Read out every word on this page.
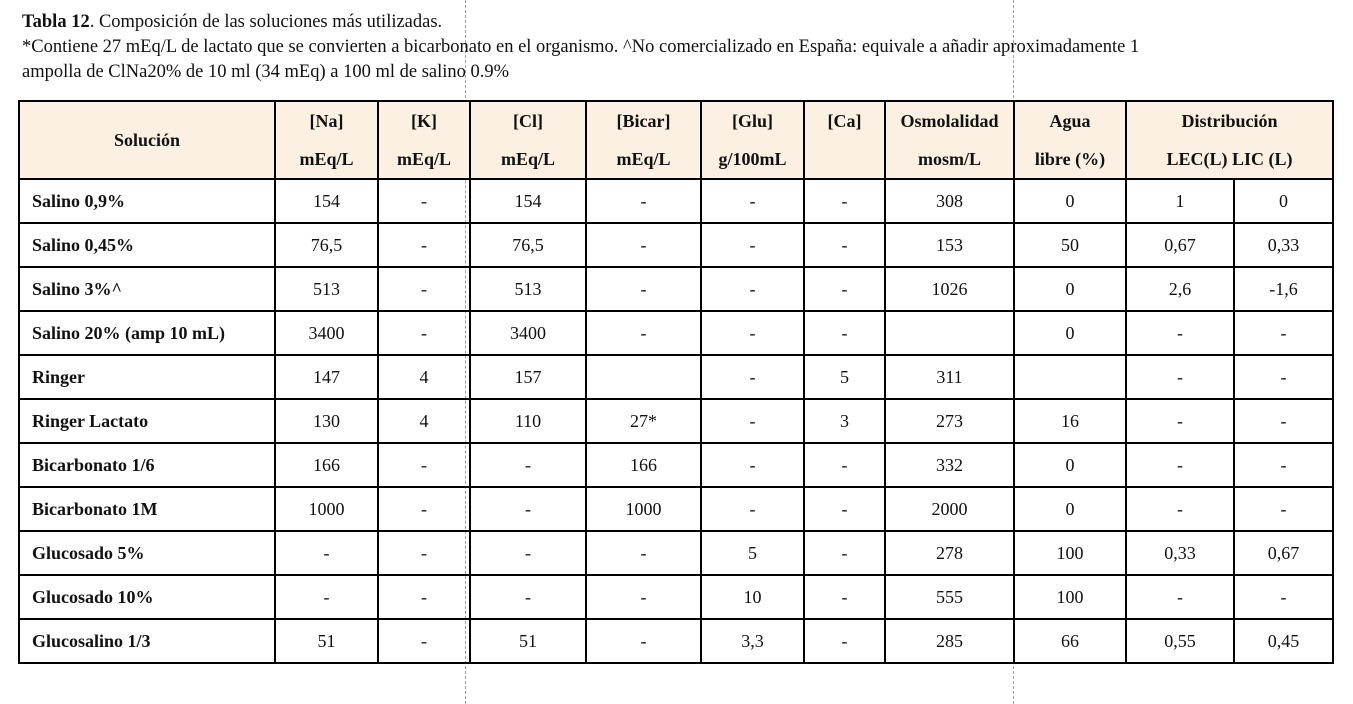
Tabla 12. Composición de las soluciones más utilizadas.
*Contiene 27 mEq/L de lactato que se convierten a bicarbonato en el organismo. ^No comercializado en España: equivale a añadir aproximadamente 1
ampolla de ClNa20% de 10 ml (34 mEq) a 100 ml de salino 0.9%
Solución	[Na]	[K]	[Cl]	[Bicar]	[Glu]	[Ca]	Osmolalidad	Agua	Distribución	
	mEq/L	mEq/L	mEq/L	mEq/L	g/100mL		mosm/L	libre (%)	LEC(L) LIC (L)	
Salino 0,9%	154	-	154	-	-	-	308	0	1	0
Salino 0,45%	76,5	-	76,5	-	-	-	153	50	0,67	0,33
Salino 3%^	513	-	513	-	-	-	1026	0	2,6	-1,6
Salino 20% (amp 10 mL)	3400	-	3400	-	-	-		0	-	-
Ringer	147	4	157		-	5	311		-	-
Ringer Lactato	130	4	110	27*	-	3	273	16	-	-
Bicarbonato 1/6	166	-	-	166	-	-	332	0	-	-
Bicarbonato 1M	1000	-	-	1000	-	-	2000	0	-	-
Glucosado 5%	-	-	-	-	5	-	278	100	0,33	0,67
Glucosado 10%	-	-	-	-	10	-	555	100	-	-
Glucosalino 1/3	51	-	51	-	3,3	-	285	66	0,55	0,45
